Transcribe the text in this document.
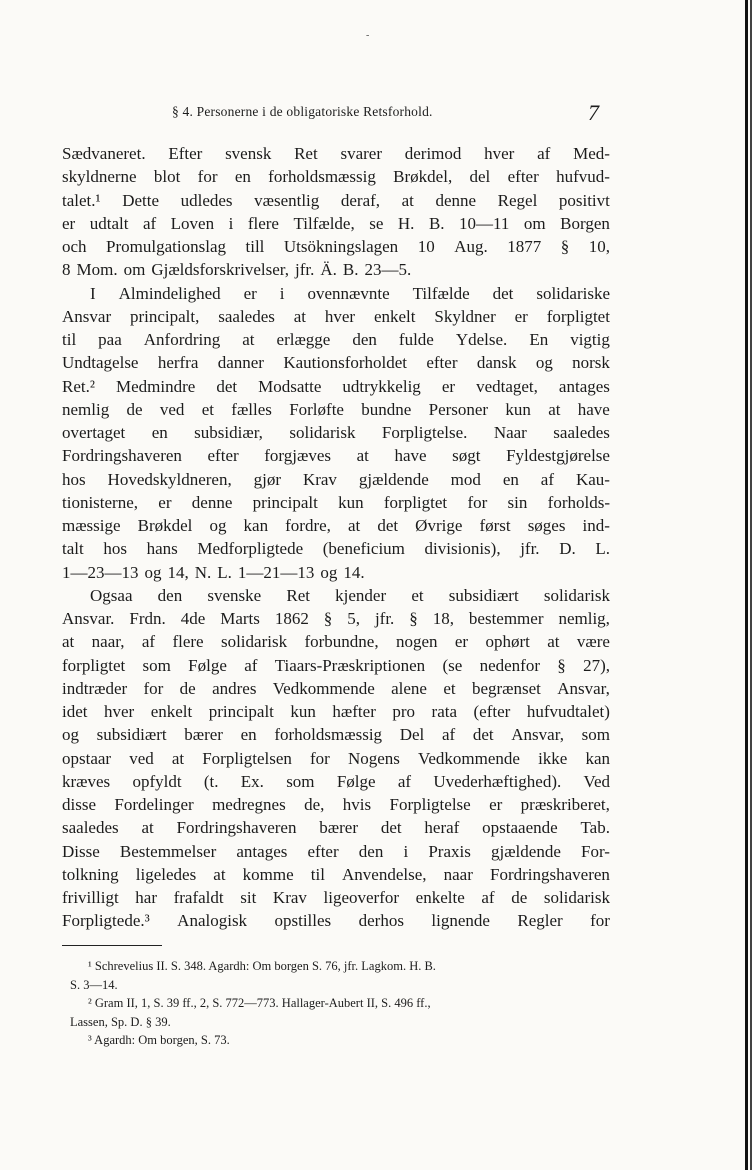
-
§ 4. Personerne i de obligatoriske Retsforhold.	7
Sædvaneret. Efter svensk Ret svarer derimod hver af Med-
skyldnerne blot for en forholdsmæssig Brøkdel, del efter hufvud-
talet.¹ Dette udledes væsentlig deraf, at denne Regel positivt
er udtalt af Loven i flere Tilfælde, se H. B. 10—11 om Borgen
och Promulgationslag till Utsökningslagen 10 Aug. 1877 § 10,
8 Mom. om Gjældsforskrivelser, jfr. Ä. B. 23—5.
I Almindelighed er i ovennævnte Tilfælde det solidariske
Ansvar principalt, saaledes at hver enkelt Skyldner er forpligtet
til paa Anfordring at erlægge den fulde Ydelse. En vigtig
Undtagelse herfra danner Kautionsforholdet efter dansk og norsk
Ret.² Medmindre det Modsatte udtrykkelig er vedtaget, antages
nemlig de ved et fælles Forløfte bundne Personer kun at have
overtaget en subsidiær, solidarisk Forpligtelse. Naar saaledes
Fordringshaveren efter forgjæves at have søgt Fyldestgjørelse
hos Hovedskyldneren, gjør Krav gjældende mod en af Kau-
tionisterne, er denne principalt kun forpligtet for sin forholds-
mæssige Brøkdel og kan fordre, at det Øvrige først søges ind-
talt hos hans Medforpligtede (beneficium divisionis), jfr. D. L.
1—23—13 og 14, N. L. 1—21—13 og 14.
Ogsaa den svenske Ret kjender et subsidiært solidarisk
Ansvar. Frdn. 4de Marts 1862 § 5, jfr. § 18, bestemmer nemlig,
at naar, af flere solidarisk forbundne, nogen er ophørt at være
forpligtet som Følge af Tiaars-Præskriptionen (se nedenfor § 27),
indtræder for de andres Vedkommende alene et begrænset Ansvar,
idet hver enkelt principalt kun hæfter pro rata (efter hufvudtalet)
og subsidiært bærer en forholdsmæssig Del af det Ansvar, som
opstaar ved at Forpligtelsen for Nogens Vedkommende ikke kan
kræves opfyldt (t. Ex. som Følge af Uvederhæftighed). Ved
disse Fordelinger medregnes de, hvis Forpligtelse er præskriberet,
saaledes at Fordringshaveren bærer det heraf opstaaende Tab.
Disse Bestemmelser antages efter den i Praxis gjældende For-
tolkning ligeledes at komme til Anvendelse, naar Fordringshaveren
frivilligt har frafaldt sit Krav ligeoverfor enkelte af de solidarisk
Forpligtede.³ Analogisk opstilles derhos lignende Regler for
¹ Schrevelius II. S. 348. Agardh: Om borgen S. 76, jfr. Lagkom. H. B.
S. 3—14.
² Gram II, 1, S. 39 ff., 2, S. 772—773. Hallager-Aubert II, S. 496 ff.,
Lassen, Sp. D. § 39.
³ Agardh: Om borgen, S. 73.
